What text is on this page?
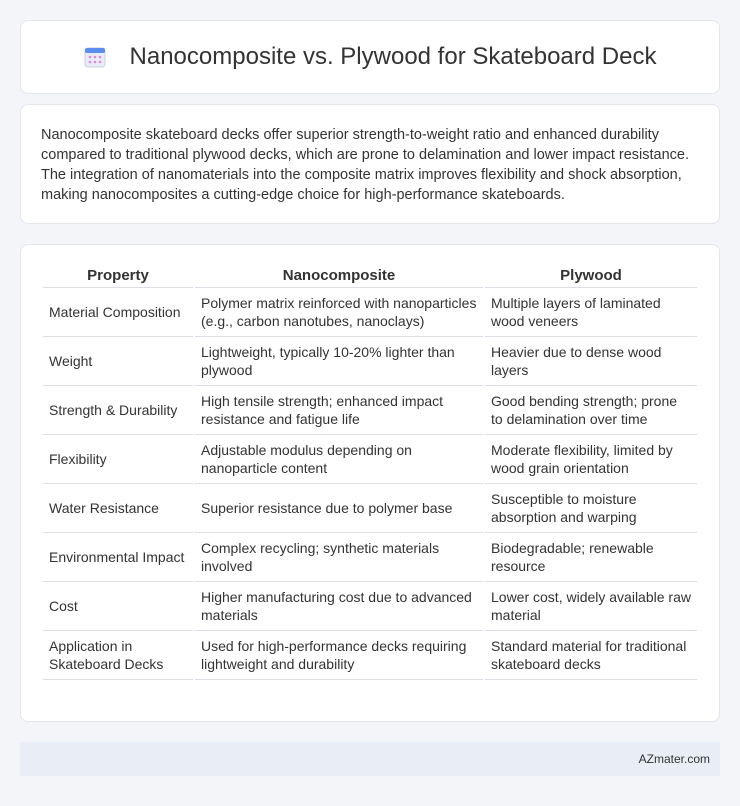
Nanocomposite vs. Plywood for Skateboard Deck

Nanocomposite skateboard decks offer superior strength-to-weight ratio and enhanced durability compared to traditional plywood decks, which are prone to delamination and lower impact resistance. The integration of nanomaterials into the composite matrix improves flexibility and shock absorption, making nanocomposites a cutting-edge choice for high-performance skateboards.

Property	Nanocomposite	Plywood
Material Composition	Polymer matrix reinforced with nanoparticles (e.g., carbon nanotubes, nanoclays)	Multiple layers of laminated wood veneers
Weight	Lightweight, typically 10-20% lighter than plywood	Heavier due to dense wood layers
Strength & Durability	High tensile strength; enhanced impact resistance and fatigue life	Good bending strength; prone to delamination over time
Flexibility	Adjustable modulus depending on nanoparticle content	Moderate flexibility, limited by wood grain orientation
Water Resistance	Superior resistance due to polymer base	Susceptible to moisture absorption and warping
Environmental Impact	Complex recycling; synthetic materials involved	Biodegradable; renewable resource
Cost	Higher manufacturing cost due to advanced materials	Lower cost, widely available raw material
Application in Skateboard Decks	Used for high-performance decks requiring lightweight and durability	Standard material for traditional skateboard decks
AZmater.com
